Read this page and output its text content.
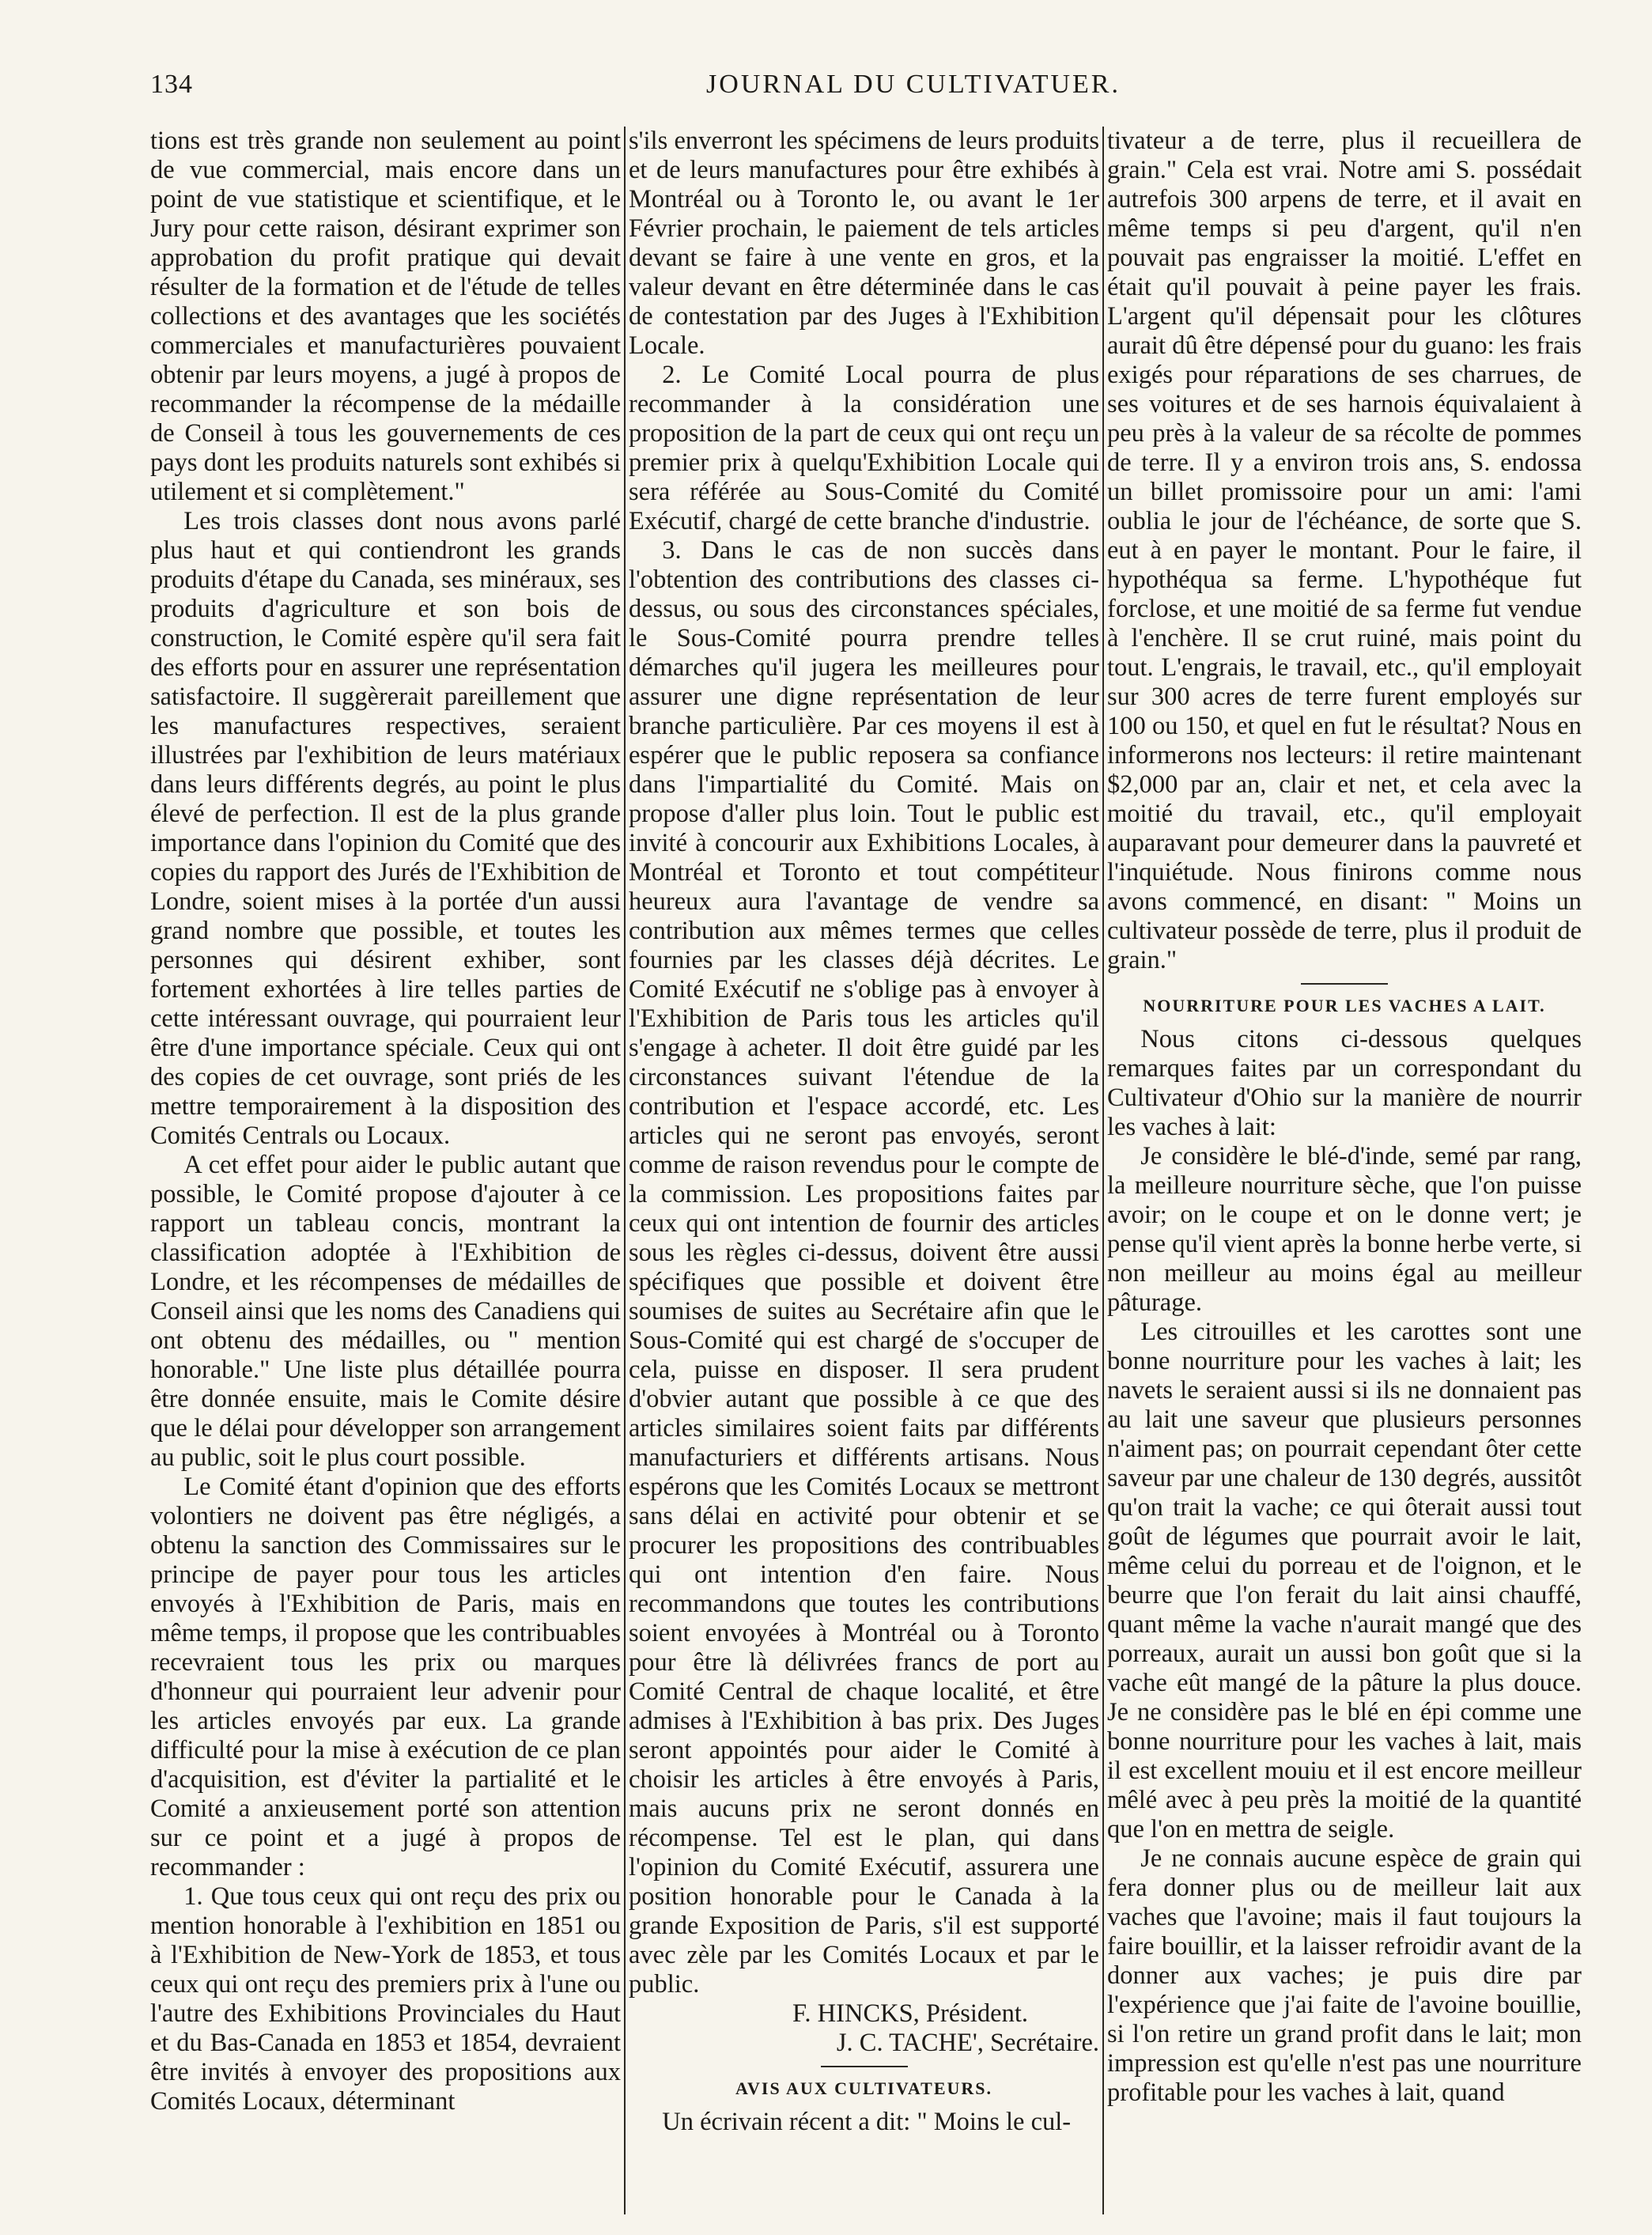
134	JOURNAL DU CULTIVATUER.

tions est très grande non seulement au point de vue commercial, mais encore dans un point de vue statistique et scientifique, et le Jury pour cette raison, désirant exprimer son approbation du profit pratique qui devait résulter de la formation et de l'étude de telles collections et des avantages que les sociétés commerciales et manufacturières pouvaient obtenir par leurs moyens, a jugé à propos de recommander la récompense de la médaille de Conseil à tous les gouvernements de ces pays dont les produits naturels sont exhibés si utilement et si complètement."

Les trois classes dont nous avons parlé plus haut et qui contiendront les grands produits d'étape du Canada, ses minéraux, ses produits d'agriculture et son bois de construction, le Comité espère qu'il sera fait des efforts pour en assurer une représentation satisfactoire. Il suggèrerait pareillement que les manufactures respectives, seraient illustrées par l'exhibition de leurs matériaux dans leurs différents degrés, au point le plus élevé de perfection. Il est de la plus grande importance dans l'opinion du Comité que des copies du rapport des Jurés de l'Exhibition de Londre, soient mises à la portée d'un aussi grand nombre que possible, et toutes les personnes qui désirent exhiber, sont fortement exhortées à lire telles parties de cette intéressant ouvrage, qui pourraient leur être d'une importance spéciale. Ceux qui ont des copies de cet ouvrage, sont priés de les mettre temporairement à la disposition des Comités Centrals ou Locaux.

A cet effet pour aider le public autant que possible, le Comité propose d'ajouter à ce rapport un tableau concis, montrant la classification adoptée à l'Exhibition de Londre, et les récompenses de médailles de Conseil ainsi que les noms des Canadiens qui ont obtenu des médailles, ou " mention honorable." Une liste plus détaillée pourra être donnée ensuite, mais le Comite désire que le délai pour développer son arrangement au public, soit le plus court possible.

Le Comité étant d'opinion que des efforts volontiers ne doivent pas être négligés, a obtenu la sanction des Commissaires sur le principe de payer pour tous les articles envoyés à l'Exhibition de Paris, mais en même temps, il propose que les contribuables recevraient tous les prix ou marques d'honneur qui pourraient leur advenir pour les articles envoyés par eux. La grande difficulté pour la mise à exécution de ce plan d'acquisition, est d'éviter la partialité et le Comité a anxieusement porté son attention sur ce point et a jugé à propos de recommander :

1. Que tous ceux qui ont reçu des prix ou mention honorable à l'exhibition en 1851 ou à l'Exhibition de New-York de 1853, et tous ceux qui ont reçu des premiers prix à l'une ou l'autre des Exhibitions Provinciales du Haut et du Bas-Canada en 1853 et 1854, devraient être invités à envoyer des propositions aux Comités Locaux, déterminant

s'ils enverront les spécimens de leurs produits et de leurs manufactures pour être exhibés à Montréal ou à Toronto le, ou avant le 1er Février prochain, le paiement de tels articles devant se faire à une vente en gros, et la valeur devant en être déterminée dans le cas de contestation par des Juges à l'Exhibition Locale.

2. Le Comité Local pourra de plus recommander à la considération une proposition de la part de ceux qui ont reçu un premier prix à quelqu'Exhibition Locale qui sera référée au Sous-Comité du Comité Exécutif, chargé de cette branche d'industrie.

3. Dans le cas de non succès dans l'obtention des contributions des classes ci-dessus, ou sous des circonstances spéciales, le Sous-Comité pourra prendre telles démarches qu'il jugera les meilleures pour assurer une digne représentation de leur branche particulière. Par ces moyens il est à espérer que le public reposera sa confiance dans l'impartialité du Comité. Mais on propose d'aller plus loin. Tout le public est invité à concourir aux Exhibitions Locales, à Montréal et Toronto et tout compétiteur heureux aura l'avantage de vendre sa contribution aux mêmes termes que celles fournies par les classes déjà décrites. Le Comité Exécutif ne s'oblige pas à envoyer à l'Exhibition de Paris tous les articles qu'il s'engage à acheter. Il doit être guidé par les circonstances suivant l'étendue de la contribution et l'espace accordé, etc. Les articles qui ne seront pas envoyés, seront comme de raison revendus pour le compte de la commission. Les propositions faites par ceux qui ont intention de fournir des articles sous les règles ci-dessus, doivent être aussi spécifiques que possible et doivent être soumises de suites au Secrétaire afin que le Sous-Comité qui est chargé de s'occuper de cela, puisse en disposer. Il sera prudent d'obvier autant que possible à ce que des articles similaires soient faits par différents manufacturiers et différents artisans. Nous espérons que les Comités Locaux se mettront sans délai en activité pour obtenir et se procurer les propositions des contribuables qui ont intention d'en faire. Nous recommandons que toutes les contributions soient envoyées à Montréal ou à Toronto pour être là délivrées francs de port au Comité Central de chaque localité, et être admises à l'Exhibition à bas prix. Des Juges seront appointés pour aider le Comité à choisir les articles à être envoyés à Paris, mais aucuns prix ne seront donnés en récompense. Tel est le plan, qui dans l'opinion du Comité Exécutif, assurera une position honorable pour le Canada à la grande Exposition de Paris, s'il est supporté avec zèle par les Comités Locaux et par le public.

F. HINCKS, Président.

J. C. TACHE', Secrétaire.

AVIS AUX CULTIVATEURS.

Un écrivain récent a dit: " Moins le cul-

tivateur a de terre, plus il recueillera de grain." Cela est vrai. Notre ami S. possédait autrefois 300 arpens de terre, et il avait en même temps si peu d'argent, qu'il n'en pouvait pas engraisser la moitié. L'effet en était qu'il pouvait à peine payer les frais. L'argent qu'il dépensait pour les clôtures aurait dû être dépensé pour du guano: les frais exigés pour réparations de ses charrues, de ses voitures et de ses harnois équivalaient à peu près à la valeur de sa récolte de pommes de terre. Il y a environ trois ans, S. endossa un billet promissoire pour un ami: l'ami oublia le jour de l'échéance, de sorte que S. eut à en payer le montant. Pour le faire, il hypothéqua sa ferme. L'hypothéque fut forclose, et une moitié de sa ferme fut vendue à l'enchère. Il se crut ruiné, mais point du tout. L'engrais, le travail, etc., qu'il employait sur 300 acres de terre furent employés sur 100 ou 150, et quel en fut le résultat? Nous en informerons nos lecteurs: il retire maintenant $2,000 par an, clair et net, et cela avec la moitié du travail, etc., qu'il employait auparavant pour demeurer dans la pauvreté et l'inquiétude. Nous finirons comme nous avons commencé, en disant: " Moins un cultivateur possède de terre, plus il produit de grain."

NOURRITURE POUR LES VACHES A LAIT.

Nous citons ci-dessous quelques remarques faites par un correspondant du Cultivateur d'Ohio sur la manière de nourrir les vaches à lait:

Je considère le blé-d'inde, semé par rang, la meilleure nourriture sèche, que l'on puisse avoir; on le coupe et on le donne vert; je pense qu'il vient après la bonne herbe verte, si non meilleur au moins égal au meilleur pâturage.

Les citrouilles et les carottes sont une bonne nourriture pour les vaches à lait; les navets le seraient aussi si ils ne donnaient pas au lait une saveur que plusieurs personnes n'aiment pas; on pourrait cependant ôter cette saveur par une chaleur de 130 degrés, aussitôt qu'on trait la vache; ce qui ôterait aussi tout goût de légumes que pourrait avoir le lait, même celui du porreau et de l'oignon, et le beurre que l'on ferait du lait ainsi chauffé, quant même la vache n'aurait mangé que des porreaux, aurait un aussi bon goût que si la vache eût mangé de la pâture la plus douce. Je ne considère pas le blé en épi comme une bonne nourriture pour les vaches à lait, mais il est excellent mouiu et il est encore meilleur mêlé avec à peu près la moitié de la quantité que l'on en mettra de seigle.

Je ne connais aucune espèce de grain qui fera donner plus ou de meilleur lait aux vaches que l'avoine; mais il faut toujours la faire bouillir, et la laisser refroidir avant de la donner aux vaches; je puis dire par l'expérience que j'ai faite de l'avoine bouillie, si l'on retire un grand profit dans le lait; mon impression est qu'elle n'est pas une nourriture profitable pour les vaches à lait, quand
